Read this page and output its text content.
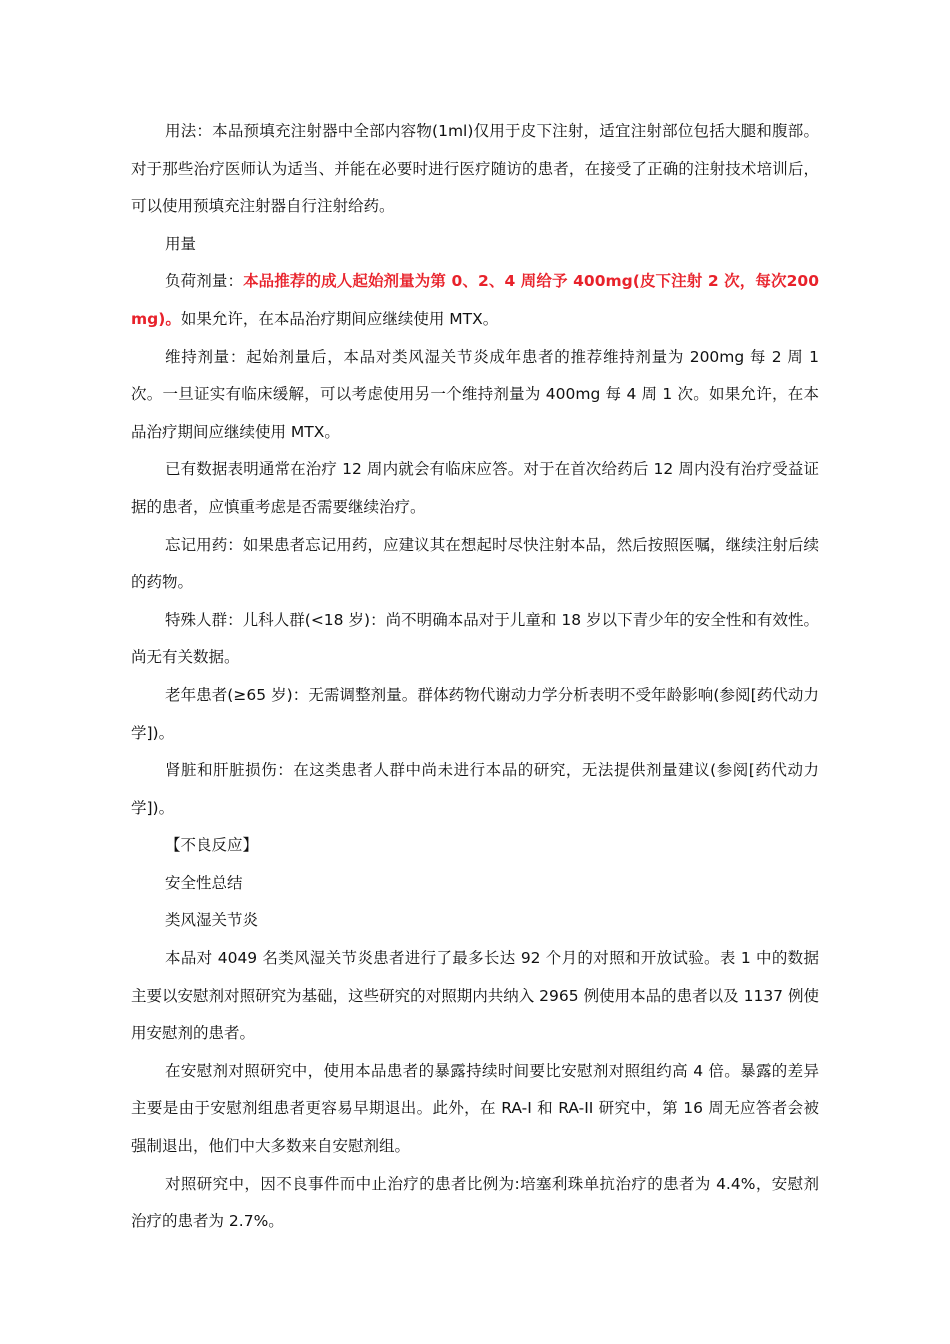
用法：本品预填充注射器中全部内容物(1ml)仅用于皮下注射，适宜注射部位包括大腿和腹部。对于那些治疗医师认为适当、并能在必要时进行医疗随访的患者，在接受了正确的注射技术培训后，可以使用预填充注射器自行注射给药。

用量

负荷剂量：本品推荐的成人起始剂量为第 0、2、4 周给予 400mg(皮下注射 2 次，每次200mg)。如果允许，在本品治疗期间应继续使用 MTX。

维持剂量：起始剂量后，本品对类风湿关节炎成年患者的推荐维持剂量为 200mg 每 2 周 1 次。一旦证实有临床缓解，可以考虑使用另一个维持剂量为 400mg 每 4 周 1 次。如果允许，在本品治疗期间应继续使用 MTX。

已有数据表明通常在治疗 12 周内就会有临床应答。对于在首次给药后 12 周内没有治疗受益证据的患者，应慎重考虑是否需要继续治疗。

忘记用药：如果患者忘记用药，应建议其在想起时尽快注射本品，然后按照医嘱，继续注射后续的药物。

特殊人群：儿科人群(<18 岁)：尚不明确本品对于儿童和 18 岁以下青少年的安全性和有效性。尚无有关数据。

老年患者(≥65 岁)：无需调整剂量。群体药物代谢动力学分析表明不受年龄影响(参阅[药代动力学])。

肾脏和肝脏损伤：在这类患者人群中尚未进行本品的研究，无法提供剂量建议(参阅[药代动力学])。

【不良反应】

安全性总结

类风湿关节炎

本品对 4049 名类风湿关节炎患者进行了最多长达 92 个月的对照和开放试验。表 1 中的数据主要以安慰剂对照研究为基础，这些研究的对照期内共纳入 2965 例使用本品的患者以及 1137 例使用安慰剂的患者。

在安慰剂对照研究中，使用本品患者的暴露持续时间要比安慰剂对照组约高 4 倍。暴露的差异主要是由于安慰剂组患者更容易早期退出。此外，在 RA-I 和 RA-II 研究中，第 16 周无应答者会被强制退出，他们中大多数来自安慰剂组。

对照研究中，因不良事件而中止治疗的患者比例为:培塞利珠单抗治疗的患者为 4.4%，安慰剂治疗的患者为 2.7%。
